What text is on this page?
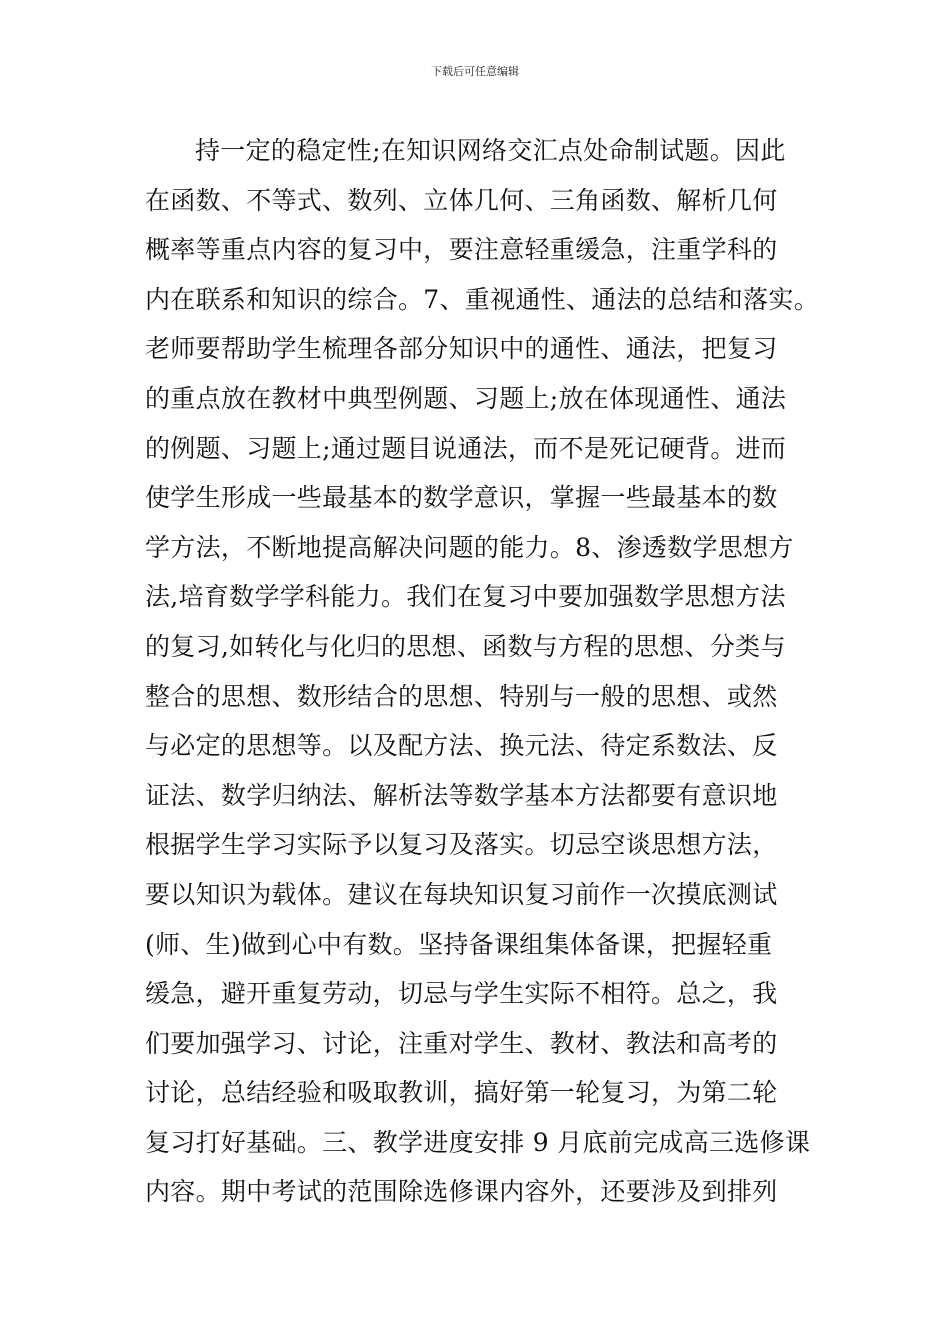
下载后可任意编辑
持一定的稳定性;在知识网络交汇点处命制试题。因此
在函数、不等式、数列、立体几何、三角函数、解析几何
概率等重点内容的复习中，要注意轻重缓急，注重学科的
内在联系和知识的综合。7、重视通性、通法的总结和落实。
老师要帮助学生梳理各部分知识中的通性、通法，把复习
的重点放在教材中典型例题、习题上;放在体现通性、通法
的例题、习题上;通过题目说通法，而不是死记硬背。进而
使学生形成一些最基本的数学意识，掌握一些最基本的数
学方法，不断地提高解决问题的能力。8、渗透数学思想方
法,培育数学学科能力。我们在复习中要加强数学思想方法
的复习,如转化与化归的思想、函数与方程的思想、分类与
整合的思想、数形结合的思想、特别与一般的思想、或然
与必定的思想等。以及配方法、换元法、待定系数法、反
证法、数学归纳法、解析法等数学基本方法都要有意识地
根据学生学习实际予以复习及落实。切忌空谈思想方法，
要以知识为载体。建议在每块知识复习前作一次摸底测试
(师、生)做到心中有数。坚持备课组集体备课，把握轻重
缓急，避开重复劳动，切忌与学生实际不相符。总之，我
们要加强学习、讨论，注重对学生、教材、教法和高考的
讨论，总结经验和吸取教训，搞好第一轮复习，为第二轮
复习打好基础。三、教学进度安排 9 月底前完成高三选修课
内容。期中考试的范围除选修课内容外，还要涉及到排列
